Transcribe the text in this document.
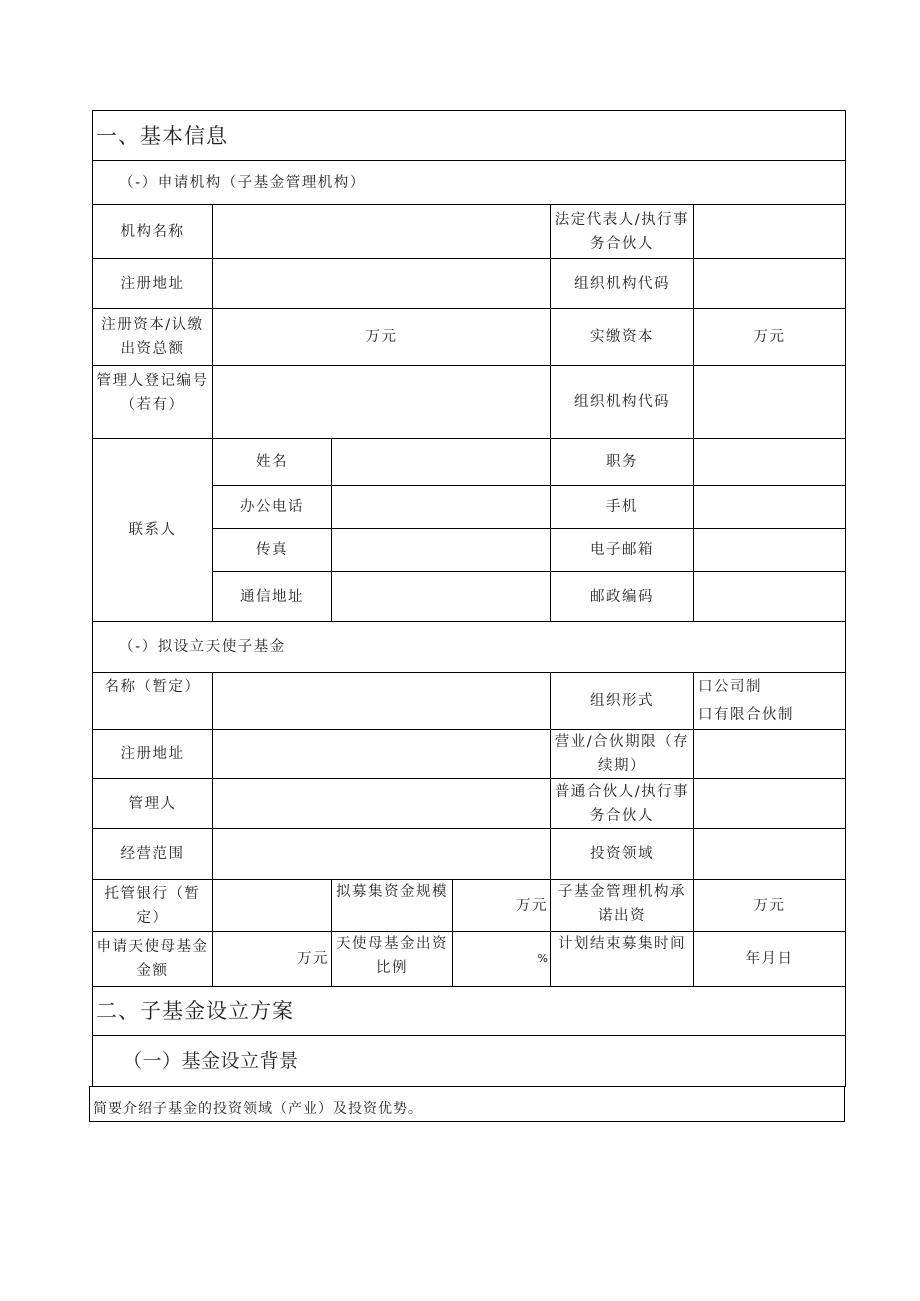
一、基本信息					
（-）申请机构（子基金管理机构）					
机构名称				法定代表人/执行事务合伙人	
注册地址				组织机构代码	
注册资本/认缴出资总额	万元			实缴资本	万元
管理人登记编号（若有）				组织机构代码	
联系人	姓名			职务	
	办公电话			手机	
	传真			电子邮箱	
	通信地址			邮政编码	
（-）拟设立天使子基金					
名称（暂定）				组织形式	口公司制
口有限合伙制

注册地址				营业/合伙期限（存续期）	
管理人				普通合伙人/执行事务合伙人	
经营范围				投资领域	
托管银行（暂定）		拟募集资金规模	万元	子基金管理机构承诺出资	万元
申请天使母基金金额	万元	天使母基金出资比例	%	计划结束募集时间	年月日
二、子基金设立方案					
（一）基金设立背景					
简要介绍子基金的投资领域（产业）及投资优势。
